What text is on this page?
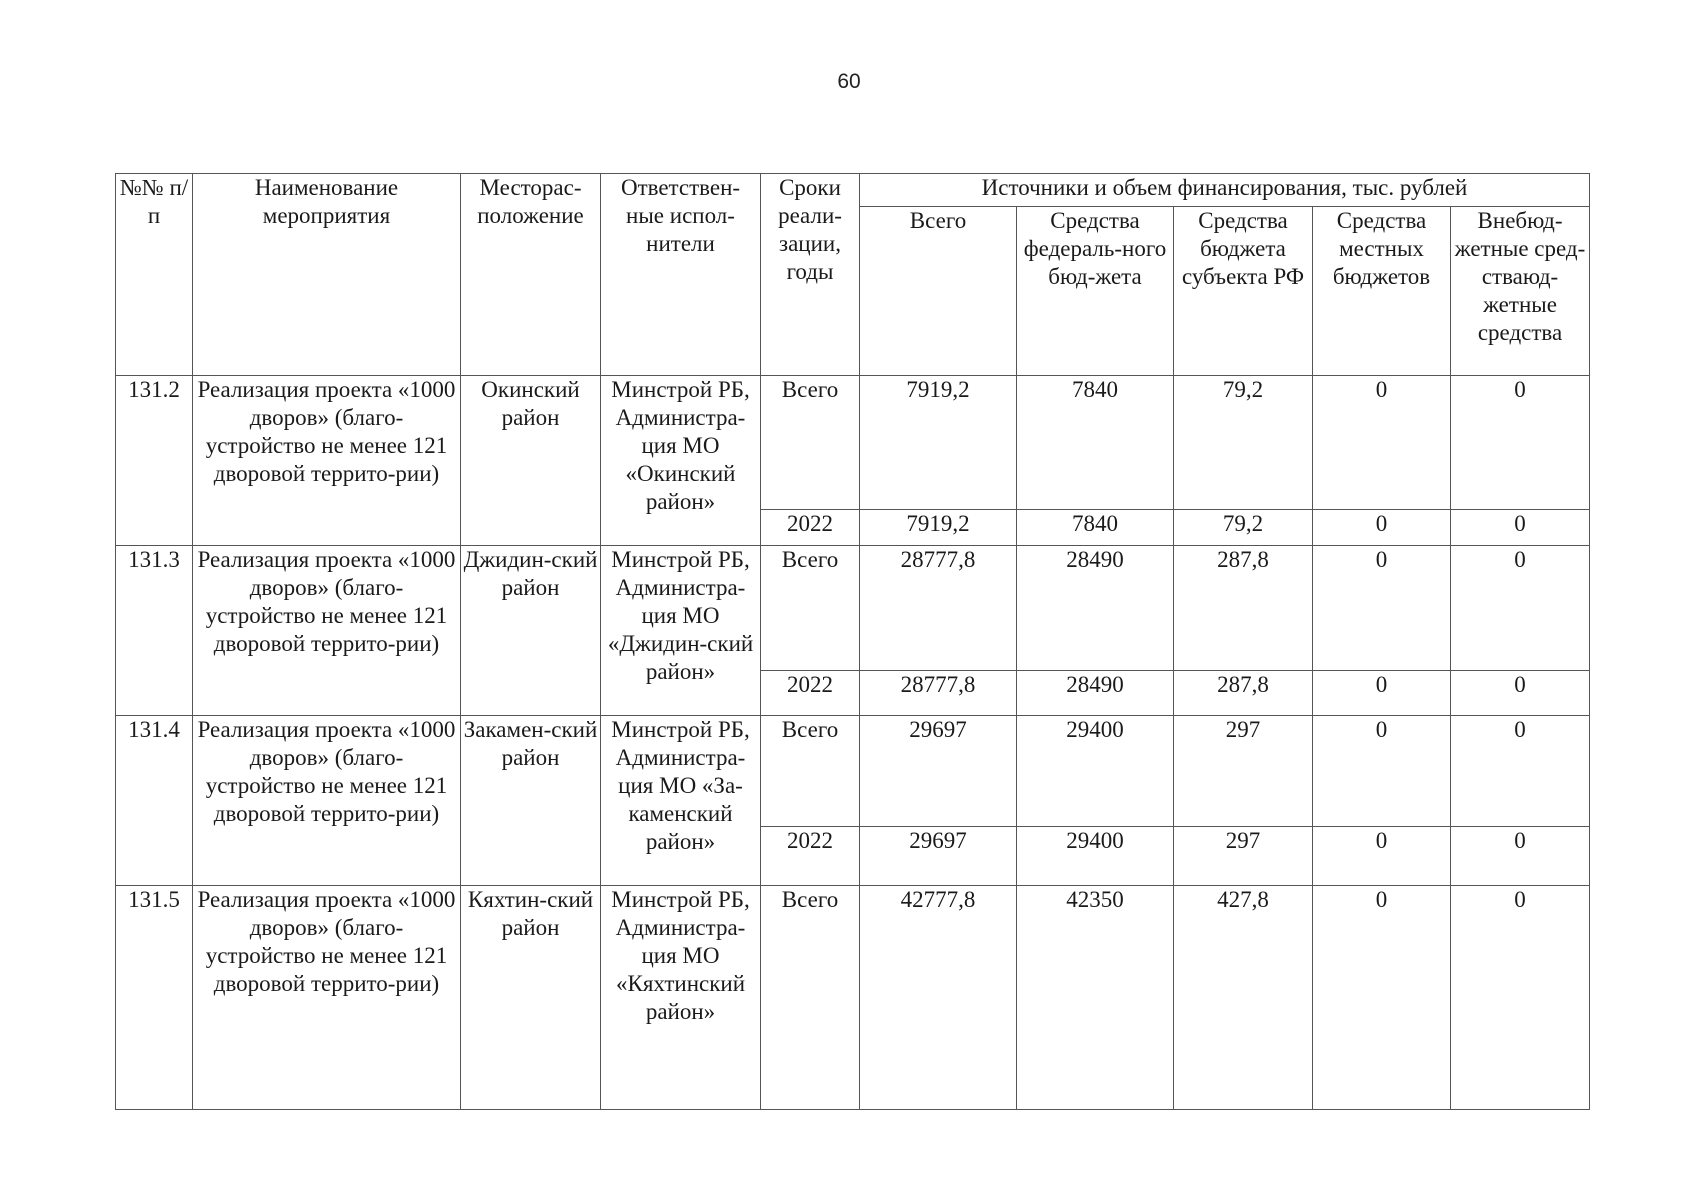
60
№№ п/п	Наименование мероприятия	Месторас-положение	Ответствен-ные испол-нители	Сроки реали-зации, годы	Источники и объем финансирования, тыс. рублей				
					Всего	Средства федераль-ного бюд-жета	Средства бюджета субъекта РФ	Средства местных бюджетов	Внебюд-жетные сред-стваюд-жетные средства
131.2	Реализация проекта «1000 дворов» (благо-устройство не менее 121 дворовой террито-рии)	Окинский район	Минстрой РБ, Администра-ция МО «Окинский район»	Всего	7919,2	7840	79,2	0	0
				2022	7919,2	7840	79,2	0	0
131.3	Реализация проекта «1000 дворов» (благо-устройство не менее 121 дворовой террито-рии)	Джидин-ский район	Минстрой РБ, Администра-ция МО «Джидин-ский район»	Всего	28777,8	28490	287,8	0	0
				2022	28777,8	28490	287,8	0	0
131.4	Реализация проекта «1000 дворов» (благо-устройство не менее 121 дворовой террито-рии)	Закамен-ский район	Минстрой РБ, Администра-ция МО «За-каменский район»	Всего	29697	29400	297	0	0
				2022	29697	29400	297	0	0
131.5	Реализация проекта «1000 дворов» (благо-устройство не менее 121 дворовой террито-рии)	Кяхтин-ский район	Минстрой РБ, Администра-ция МО «Кяхтинский район»	Всего	42777,8	42350	427,8	0	0
